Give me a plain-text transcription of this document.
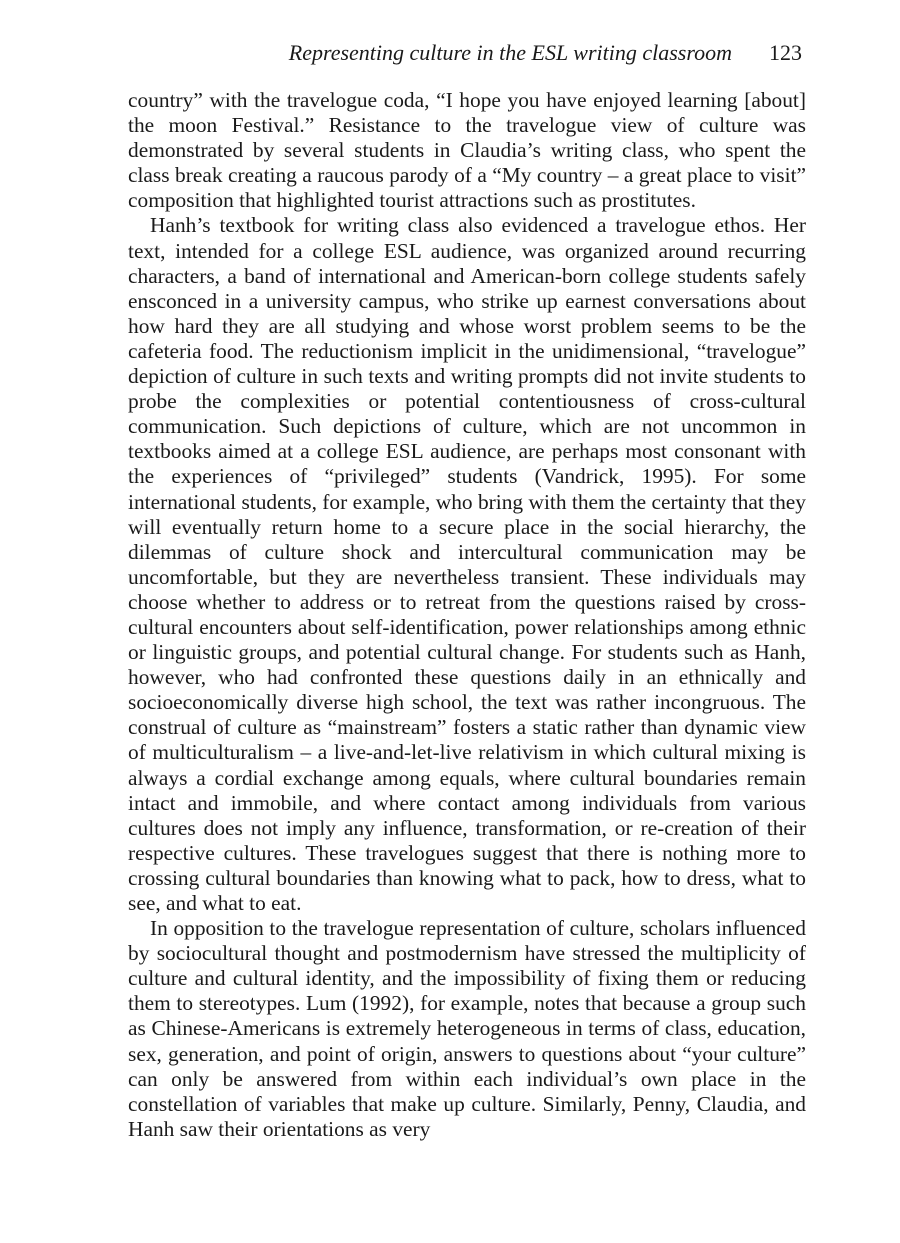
Representing culture in the ESL writing classroom 123

country” with the travelogue coda, “I hope you have enjoyed learning [about] the moon Festival.” Resistance to the travelogue view of culture was demonstrated by several students in Claudia’s writing class, who spent the class break creating a raucous parody of a “My country – a great place to visit” composition that highlighted tourist attractions such as prostitutes.

Hanh’s textbook for writing class also evidenced a travelogue ethos. Her text, intended for a college ESL audience, was organized around recurring characters, a band of international and American-born college students safely ensconced in a university campus, who strike up earnest conversations about how hard they are all studying and whose worst problem seems to be the cafeteria food. The reductionism implicit in the unidimensional, “travelogue” depiction of culture in such texts and writing prompts did not invite students to probe the complexities or potential contentiousness of cross-cultural communication. Such depictions of culture, which are not uncommon in textbooks aimed at a college ESL audience, are perhaps most consonant with the experiences of “privileged” students (Vandrick, 1995). For some international students, for example, who bring with them the certainty that they will eventually return home to a secure place in the social hierarchy, the dilemmas of culture shock and intercultural communication may be uncomfortable, but they are nevertheless transient. These individuals may choose whether to address or to retreat from the questions raised by cross-cultural encounters about self-identification, power relationships among ethnic or linguistic groups, and potential cultural change. For students such as Hanh, however, who had confronted these questions daily in an ethnically and socioeconomically diverse high school, the text was rather incongruous. The construal of culture as “mainstream” fosters a static rather than dynamic view of multiculturalism – a live-and-let-live relativism in which cultural mixing is always a cordial exchange among equals, where cultural boundaries remain intact and immobile, and where contact among individuals from various cultures does not imply any influence, transformation, or re-creation of their respective cultures. These travelogues suggest that there is nothing more to crossing cultural boundaries than knowing what to pack, how to dress, what to see, and what to eat.

In opposition to the travelogue representation of culture, scholars influenced by sociocultural thought and postmodernism have stressed the multiplicity of culture and cultural identity, and the impossibility of fixing them or reducing them to stereotypes. Lum (1992), for example, notes that because a group such as Chinese-Americans is extremely heterogeneous in terms of class, education, sex, generation, and point of origin, answers to questions about “your culture” can only be answered from within each individual’s own place in the constellation of variables that make up culture. Similarly, Penny, Claudia, and Hanh saw their orientations as very
